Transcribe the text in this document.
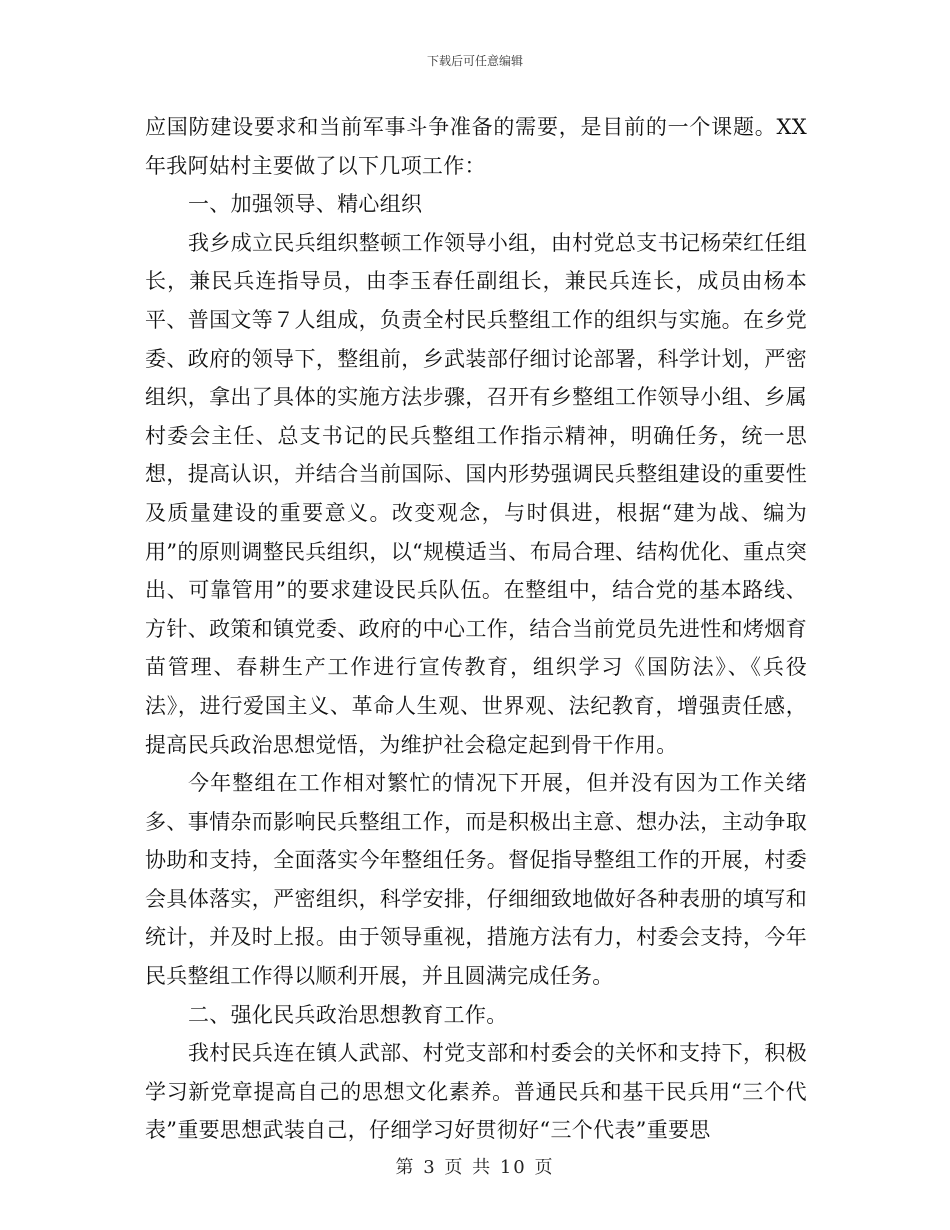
下载后可任意编辑

应国防建设要求和当前军事斗争准备的需要，是目前的一个课题。XX年我阿姑村主要做了以下几项工作：

一、加强领导、精心组织

我乡成立民兵组织整顿工作领导小组，由村党总支书记杨荣红任组长，兼民兵连指导员，由李玉春任副组长，兼民兵连长，成员由杨本平、普国文等７人组成，负责全村民兵整组工作的组织与实施。在乡党委、政府的领导下，整组前，乡武装部仔细讨论部署，科学计划，严密组织，拿出了具体的实施方法步骤，召开有乡整组工作领导小组、乡属村委会主任、总支书记的民兵整组工作指示精神，明确任务，统一思想，提高认识，并结合当前国际、国内形势强调民兵整组建设的重要性及质量建设的重要意义。改变观念，与时俱进，根据“建为战、编为用”的原则调整民兵组织，以“规模适当、布局合理、结构优化、重点突出、可靠管用”的要求建设民兵队伍。在整组中，结合党的基本路线、方针、政策和镇党委、政府的中心工作，结合当前党员先进性和烤烟育苗管理、春耕生产工作进行宣传教育，组织学习《国防法》、《兵役法》，进行爱国主义、革命人生观、世界观、法纪教育，增强责任感，提高民兵政治思想觉悟，为维护社会稳定起到骨干作用。

今年整组在工作相对繁忙的情况下开展，但并没有因为工作关绪多、事情杂而影响民兵整组工作，而是积极出主意、想办法，主动争取协助和支持，全面落实今年整组任务。督促指导整组工作的开展，村委会具体落实，严密组织，科学安排，仔细细致地做好各种表册的填写和统计，并及时上报。由于领导重视，措施方法有力，村委会支持，今年民兵整组工作得以顺利开展，并且圆满完成任务。

二、强化民兵政治思想教育工作。

我村民兵连在镇人武部、村党支部和村委会的关怀和支持下，积极学习新党章提高自己的思想文化素养。普通民兵和基干民兵用“三个代表”重要思想武装自己，仔细学习好贯彻好“三个代表”重要思

第 3 页 共 10 页
